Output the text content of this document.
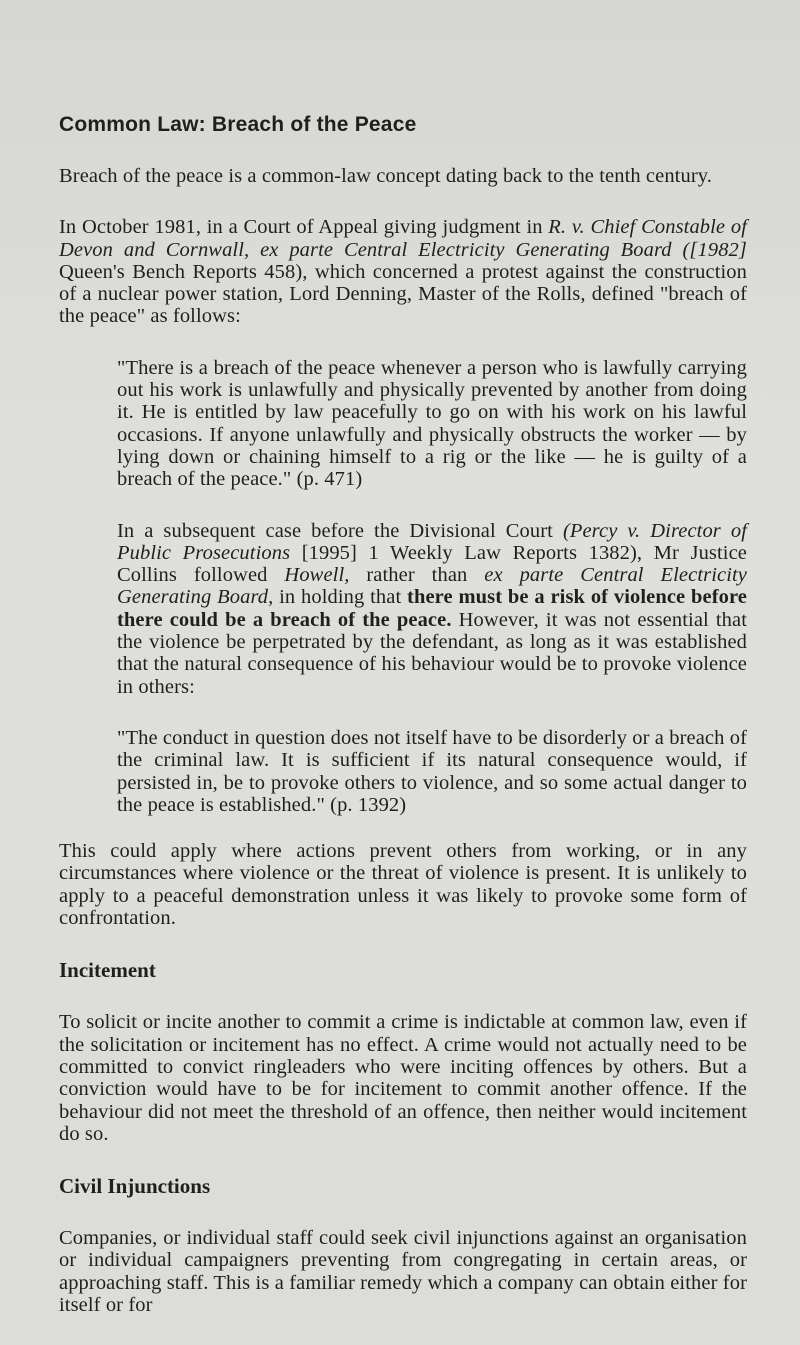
Common Law: Breach of the Peace

Breach of the peace is a common-law concept dating back to the tenth century.

In October 1981, in a Court of Appeal giving judgment in R. v. Chief Constable of Devon and Cornwall, ex parte Central Electricity Generating Board ([1982] Queen's Bench Reports 458), which concerned a protest against the construction of a nuclear power station, Lord Denning, Master of the Rolls, defined "breach of the peace" as follows:

"There is a breach of the peace whenever a person who is lawfully carrying out his work is unlawfully and physically prevented by another from doing it. He is entitled by law peacefully to go on with his work on his lawful occasions. If anyone unlawfully and physically obstructs the worker — by lying down or chaining himself to a rig or the like — he is guilty of a breach of the peace." (p. 471)

In a subsequent case before the Divisional Court (Percy v. Director of Public Prosecutions [1995] 1 Weekly Law Reports 1382), Mr Justice Collins followed Howell, rather than ex parte Central Electricity Generating Board, in holding that there must be a risk of violence before there could be a breach of the peace. However, it was not essential that the violence be perpetrated by the defendant, as long as it was established that the natural consequence of his behaviour would be to provoke violence in others:

"The conduct in question does not itself have to be disorderly or a breach of the criminal law. It is sufficient if its natural consequence would, if persisted in, be to provoke others to violence, and so some actual danger to the peace is established." (p. 1392)

This could apply where actions prevent others from working, or in any circumstances where violence or the threat of violence is present. It is unlikely to apply to a peaceful demonstration unless it was likely to provoke some form of confrontation.

Incitement

To solicit or incite another to commit a crime is indictable at common law, even if the solicitation or incitement has no effect. A crime would not actually need to be committed to convict ringleaders who were inciting offences by others. But a conviction would have to be for incitement to commit another offence. If the behaviour did not meet the threshold of an offence, then neither would incitement do so.

Civil Injunctions

Companies, or individual staff could seek civil injunctions against an organisation or individual campaigners preventing from congregating in certain areas, or approaching staff. This is a familiar remedy which a company can obtain either for itself or for
